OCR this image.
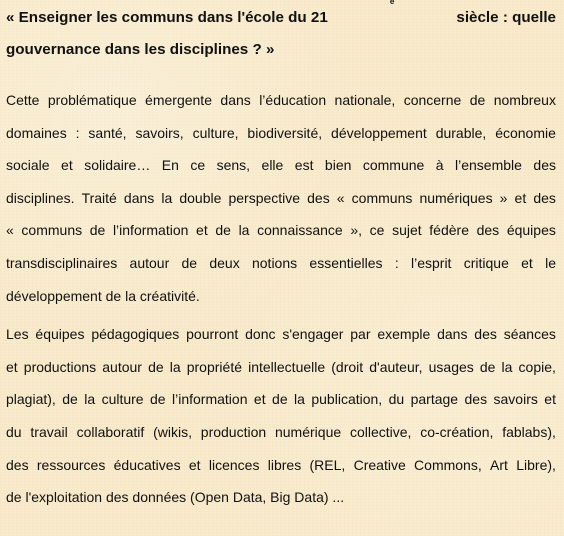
« Enseigner les communs dans l'école du 21
e
siècle : quelle
gouvernance dans les disciplines ? »
Cette problématique émergente dans l’éducation nationale, concerne de nombreux
domaines : santé, savoirs, culture, biodiversité, développement durable, économie
sociale et solidaire… En ce sens, elle est bien commune à l’ensemble des
disciplines. Traité dans la double perspective des « communs numériques » et des
« communs de l’information et de la connaissance », ce sujet fédère des équipes
transdisciplinaires autour de deux notions essentielles : l’esprit critique et le
développement de la créativité.
Les équipes pédagogiques pourront donc s'engager par exemple dans des séances
et productions autour de la propriété intellectuelle (droit d'auteur, usages de la copie,
plagiat), de la culture de l’information et de la publication, du partage des savoirs et
du travail collaboratif (wikis, production numérique collective, co-création, fablabs),
des ressources éducatives et licences libres (REL, Creative Commons, Art Libre),
de l'exploitation des données (Open Data, Big Data) ...
